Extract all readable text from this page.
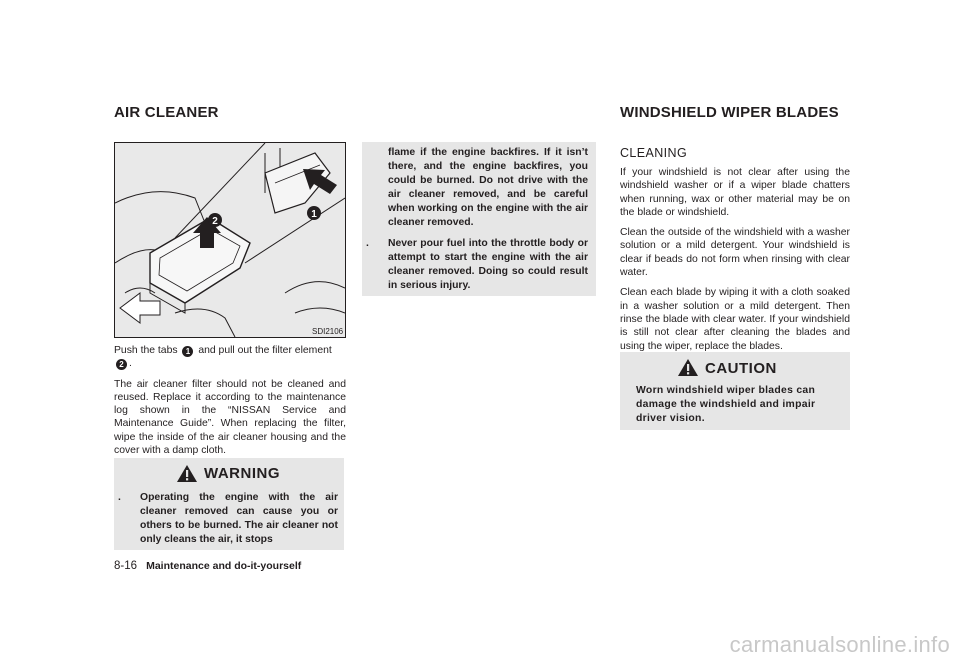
AIR CLEANER	WINDSHIELD WIPER BLADES
2
1
SDI2106

Push the tabs 1 and pull out the filter element
2 .

The air cleaner filter should not be cleaned and reused. Replace it according to the maintenance log shown in the “NISSAN Service and Maintenance Guide”. When replacing the filter, wipe the inside of the air cleaner housing and the cover with a damp cloth.

WARNING
.	Operating the engine with the air cleaner removed can cause you or others to be burned. The air cleaner not only cleans the air, it stops
flame if the engine backfires. If it isn’t there, and the engine backfires, you could be burned. Do not drive with the air cleaner removed, and be careful when working on the engine with the air cleaner removed.
.	Never pour fuel into the throttle body or attempt to start the engine with the air cleaner removed. Doing so could result in serious injury.
CLEANING

If your windshield is not clear after using the windshield washer or if a wiper blade chatters when running, wax or other material may be on the blade or windshield.

Clean the outside of the windshield with a washer solution or a mild detergent. Your windshield is clear if beads do not form when rinsing with clear water.

Clean each blade by wiping it with a cloth soaked in a washer solution or a mild detergent. Then rinse the blade with clear water. If your windshield is still not clear after cleaning the blades and using the wiper, replace the blades.

CAUTION
Worn windshield wiper blades can damage the windshield and impair driver vision.
8-16 Maintenance and do-it-yourself
carmanualsonline.info
